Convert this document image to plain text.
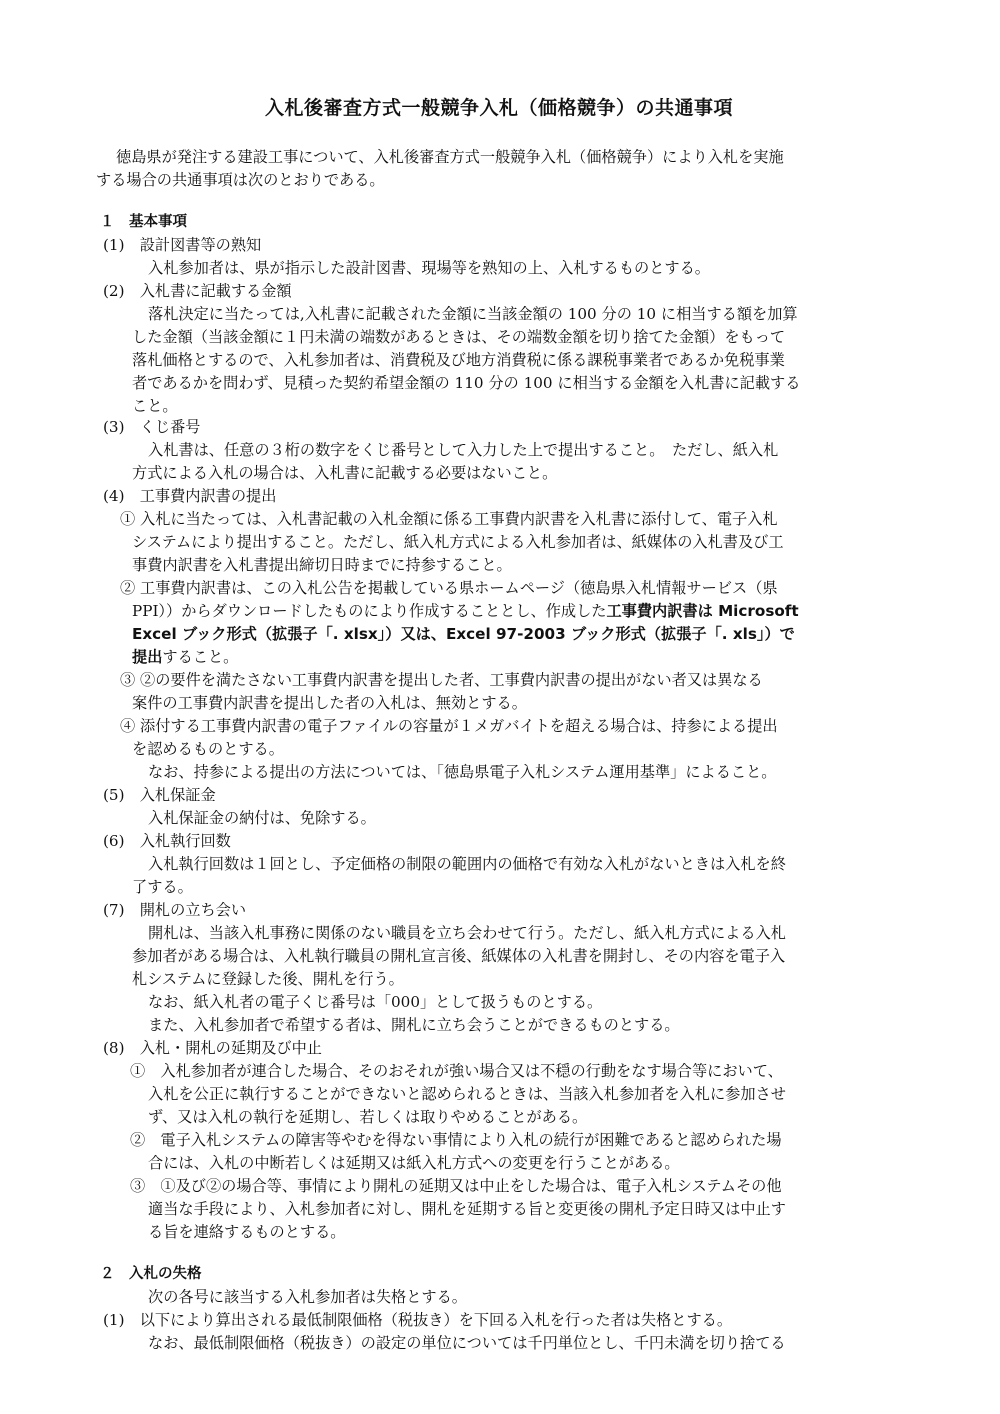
入札後審査方式一般競争入札（価格競争）の共通事項
徳島県が発注する建設工事について、入札後審査方式一般競争入札（価格競争）により入札を実施
する場合の共通事項は次のとおりである。
１　基本事項
(1)　設計図書等の熟知
入札参加者は、県が指示した設計図書、現場等を熟知の上、入札するものとする。
(2)　入札書に記載する金額
落札決定に当たっては,入札書に記載された金額に当該金額の 100 分の 10 に相当する額を加算
した金額（当該金額に１円未満の端数があるときは、その端数金額を切り捨てた金額）をもって
落札価格とするので、入札参加者は、消費税及び地方消費税に係る課税事業者であるか免税事業
者であるかを問わず、見積った契約希望金額の 110 分の 100 に相当する金額を入札書に記載する
こと。
(3)　くじ番号
入札書は、任意の３桁の数字をくじ番号として入力した上で提出すること。　ただし、紙入札
方式による入札の場合は、入札書に記載する必要はないこと。
(4)　工事費内訳書の提出
① 入札に当たっては、入札書記載の入札金額に係る工事費内訳書を入札書に添付して、電子入札
システムにより提出すること。ただし、紙入札方式による入札参加者は、紙媒体の入札書及び工
事費内訳書を入札書提出締切日時までに持参すること。
② 工事費内訳書は、この入札公告を掲載している県ホームページ（徳島県入札情報サービス（県
PPI））からダウンロードしたものにより作成することとし、作成した工事費内訳書は Microsoft
Excel ブック形式（拡張子「. xlsx」）又は、Excel 97-2003 ブック形式（拡張子「. xls」）で
提出すること。
③ ②の要件を満たさない工事費内訳書を提出した者、工事費内訳書の提出がない者又は異なる
案件の工事費内訳書を提出した者の入札は、無効とする。
④ 添付する工事費内訳書の電子ファイルの容量が１メガバイトを超える場合は、持参による提出
を認めるものとする。
なお、持参による提出の方法については、「徳島県電子入札システム運用基準」によること。
(5)　入札保証金
入札保証金の納付は、免除する。
(6)　入札執行回数
入札執行回数は１回とし、予定価格の制限の範囲内の価格で有効な入札がないときは入札を終
了する。
(7)　開札の立ち会い
開札は、当該入札事務に関係のない職員を立ち会わせて行う。ただし、紙入札方式による入札
参加者がある場合は、入札執行職員の開札宣言後、紙媒体の入札書を開封し、その内容を電子入
札システムに登録した後、開札を行う。
なお、紙入札者の電子くじ番号は「000」として扱うものとする。
また、入札参加者で希望する者は、開札に立ち会うことができるものとする。
(8)　入札・開札の延期及び中止
①　入札参加者が連合した場合、そのおそれが強い場合又は不穏の行動をなす場合等において、
入札を公正に執行することができないと認められるときは、当該入札参加者を入札に参加させ
ず、又は入札の執行を延期し、若しくは取りやめることがある。
②　電子入札システムの障害等やむを得ない事情により入札の続行が困難であると認められた場
合には、入札の中断若しくは延期又は紙入札方式への変更を行うことがある。
③　①及び②の場合等、事情により開札の延期又は中止をした場合は、電子入札システムその他
適当な手段により、入札参加者に対し、開札を延期する旨と変更後の開札予定日時又は中止す
る旨を連絡するものとする。
２　入札の失格
次の各号に該当する入札参加者は失格とする。
(1)　以下により算出される最低制限価格（税抜き）を下回る入札を行った者は失格とする。
なお、最低制限価格（税抜き）の設定の単位については千円単位とし、千円未満を切り捨てる
